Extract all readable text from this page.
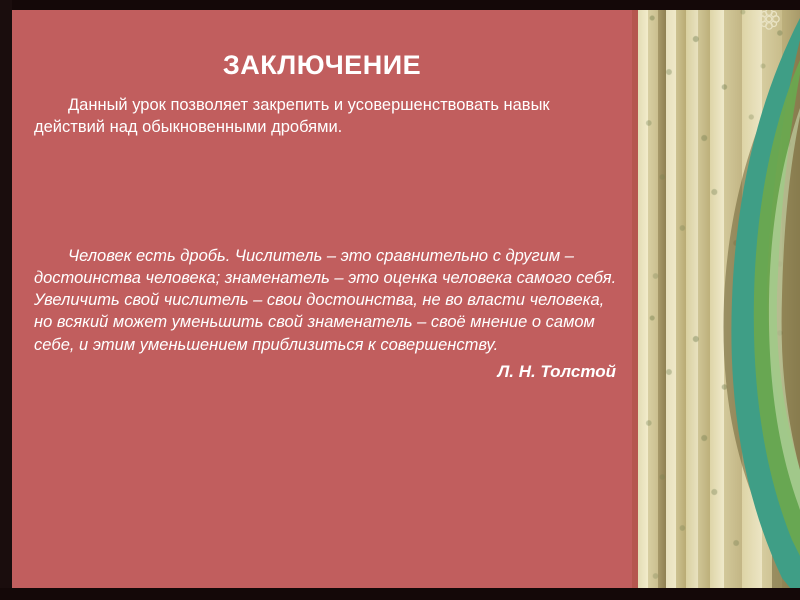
ЗАКЛЮЧЕНИЕ

Данный урок позволяет закрепить и усовершенствовать навык действий над обыкновенными дробями.

Человек есть дробь. Числитель – это сравнительно с другим – достоинства человека; знаменатель – это оценка человека самого себя. Увеличить свой числитель – свои достоинства, не во власти человека, но всякий может уменьшить свой знаменатель – своё мнение о самом себе, и этим уменьшением приблизиться к совершенству.

Л. Н. Толстой
